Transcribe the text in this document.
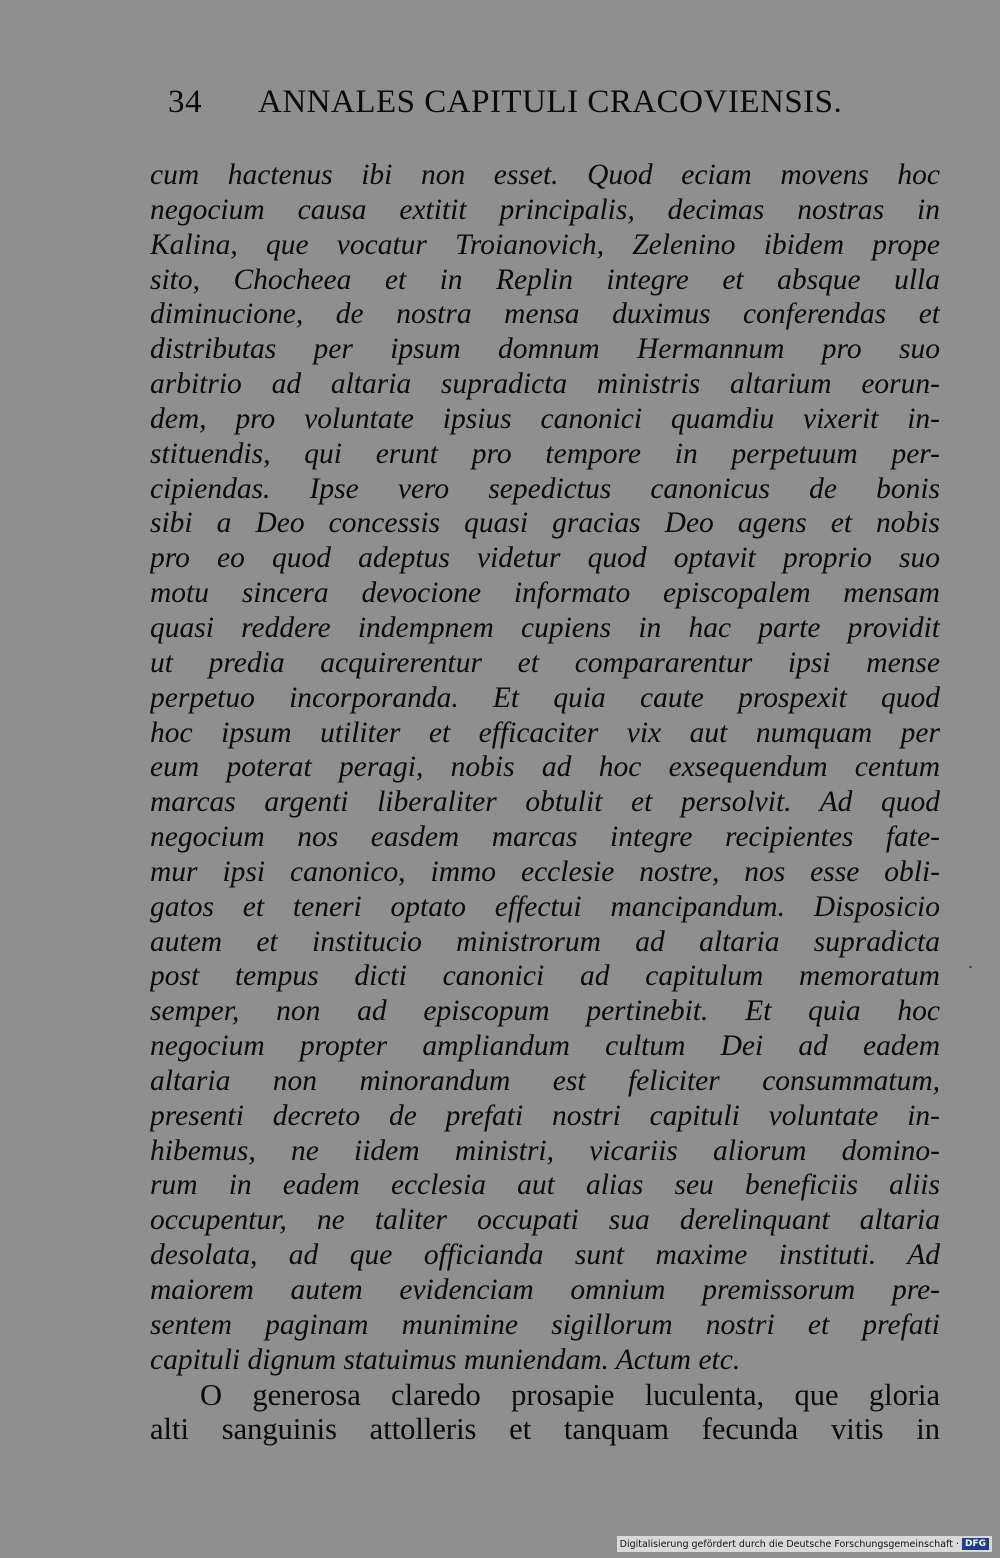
34 ANNALES CAPITULI CRACOVIENSIS.
cum hactenus ibi non esset. Quod eciam movens hoc
negocium causa extitit principalis, decimas nostras in
Kalina, que vocatur Troianovich, Zelenino ibidem prope
sito, Chocheea et in Replin integre et absque ulla
diminucione, de nostra mensa duximus conferendas et
distributas per ipsum domnum Hermannum pro suo
arbitrio ad altaria supradicta ministris altarium eorun-
dem, pro voluntate ipsius canonici quamdiu vixerit in-
stituendis, qui erunt pro tempore in perpetuum per-
cipiendas. Ipse vero sepedictus canonicus de bonis
sibi a Deo concessis quasi gracias Deo agens et nobis
pro eo quod adeptus videtur quod optavit proprio suo
motu sincera devocione informato episcopalem mensam
quasi reddere indempnem cupiens in hac parte providit
ut predia acquirerentur et compararentur ipsi mense
perpetuo incorporanda. Et quia caute prospexit quod
hoc ipsum utiliter et efficaciter vix aut numquam per
eum poterat peragi, nobis ad hoc exsequendum centum
marcas argenti liberaliter obtulit et persolvit. Ad quod
negocium nos easdem marcas integre recipientes fate-
mur ipsi canonico, immo ecclesie nostre, nos esse obli-
gatos et teneri optato effectui mancipandum. Disposicio
autem et institucio ministrorum ad altaria supradicta
post tempus dicti canonici ad capitulum memoratum
semper, non ad episcopum pertinebit. Et quia hoc
negocium propter ampliandum cultum Dei ad eadem
altaria non minorandum est feliciter consummatum,
presenti decreto de prefati nostri capituli voluntate in-
hibemus, ne iidem ministri, vicariis aliorum domino-
rum in eadem ecclesia aut alias seu beneficiis aliis
occupentur, ne taliter occupati sua derelinquant altaria
desolata, ad que officianda sunt maxime instituti. Ad
maiorem autem evidenciam omnium premissorum pre-
sentem paginam munimine sigillorum nostri et prefati
capituli dignum statuimus muniendam. Actum etc.
O generosa claredo prosapie luculenta, que gloria
alti sanguinis attolleris et tanquam fecunda vitis in
Digitalisierung gefördert durch die Deutsche Forschungsgemeinschaft · DFG
